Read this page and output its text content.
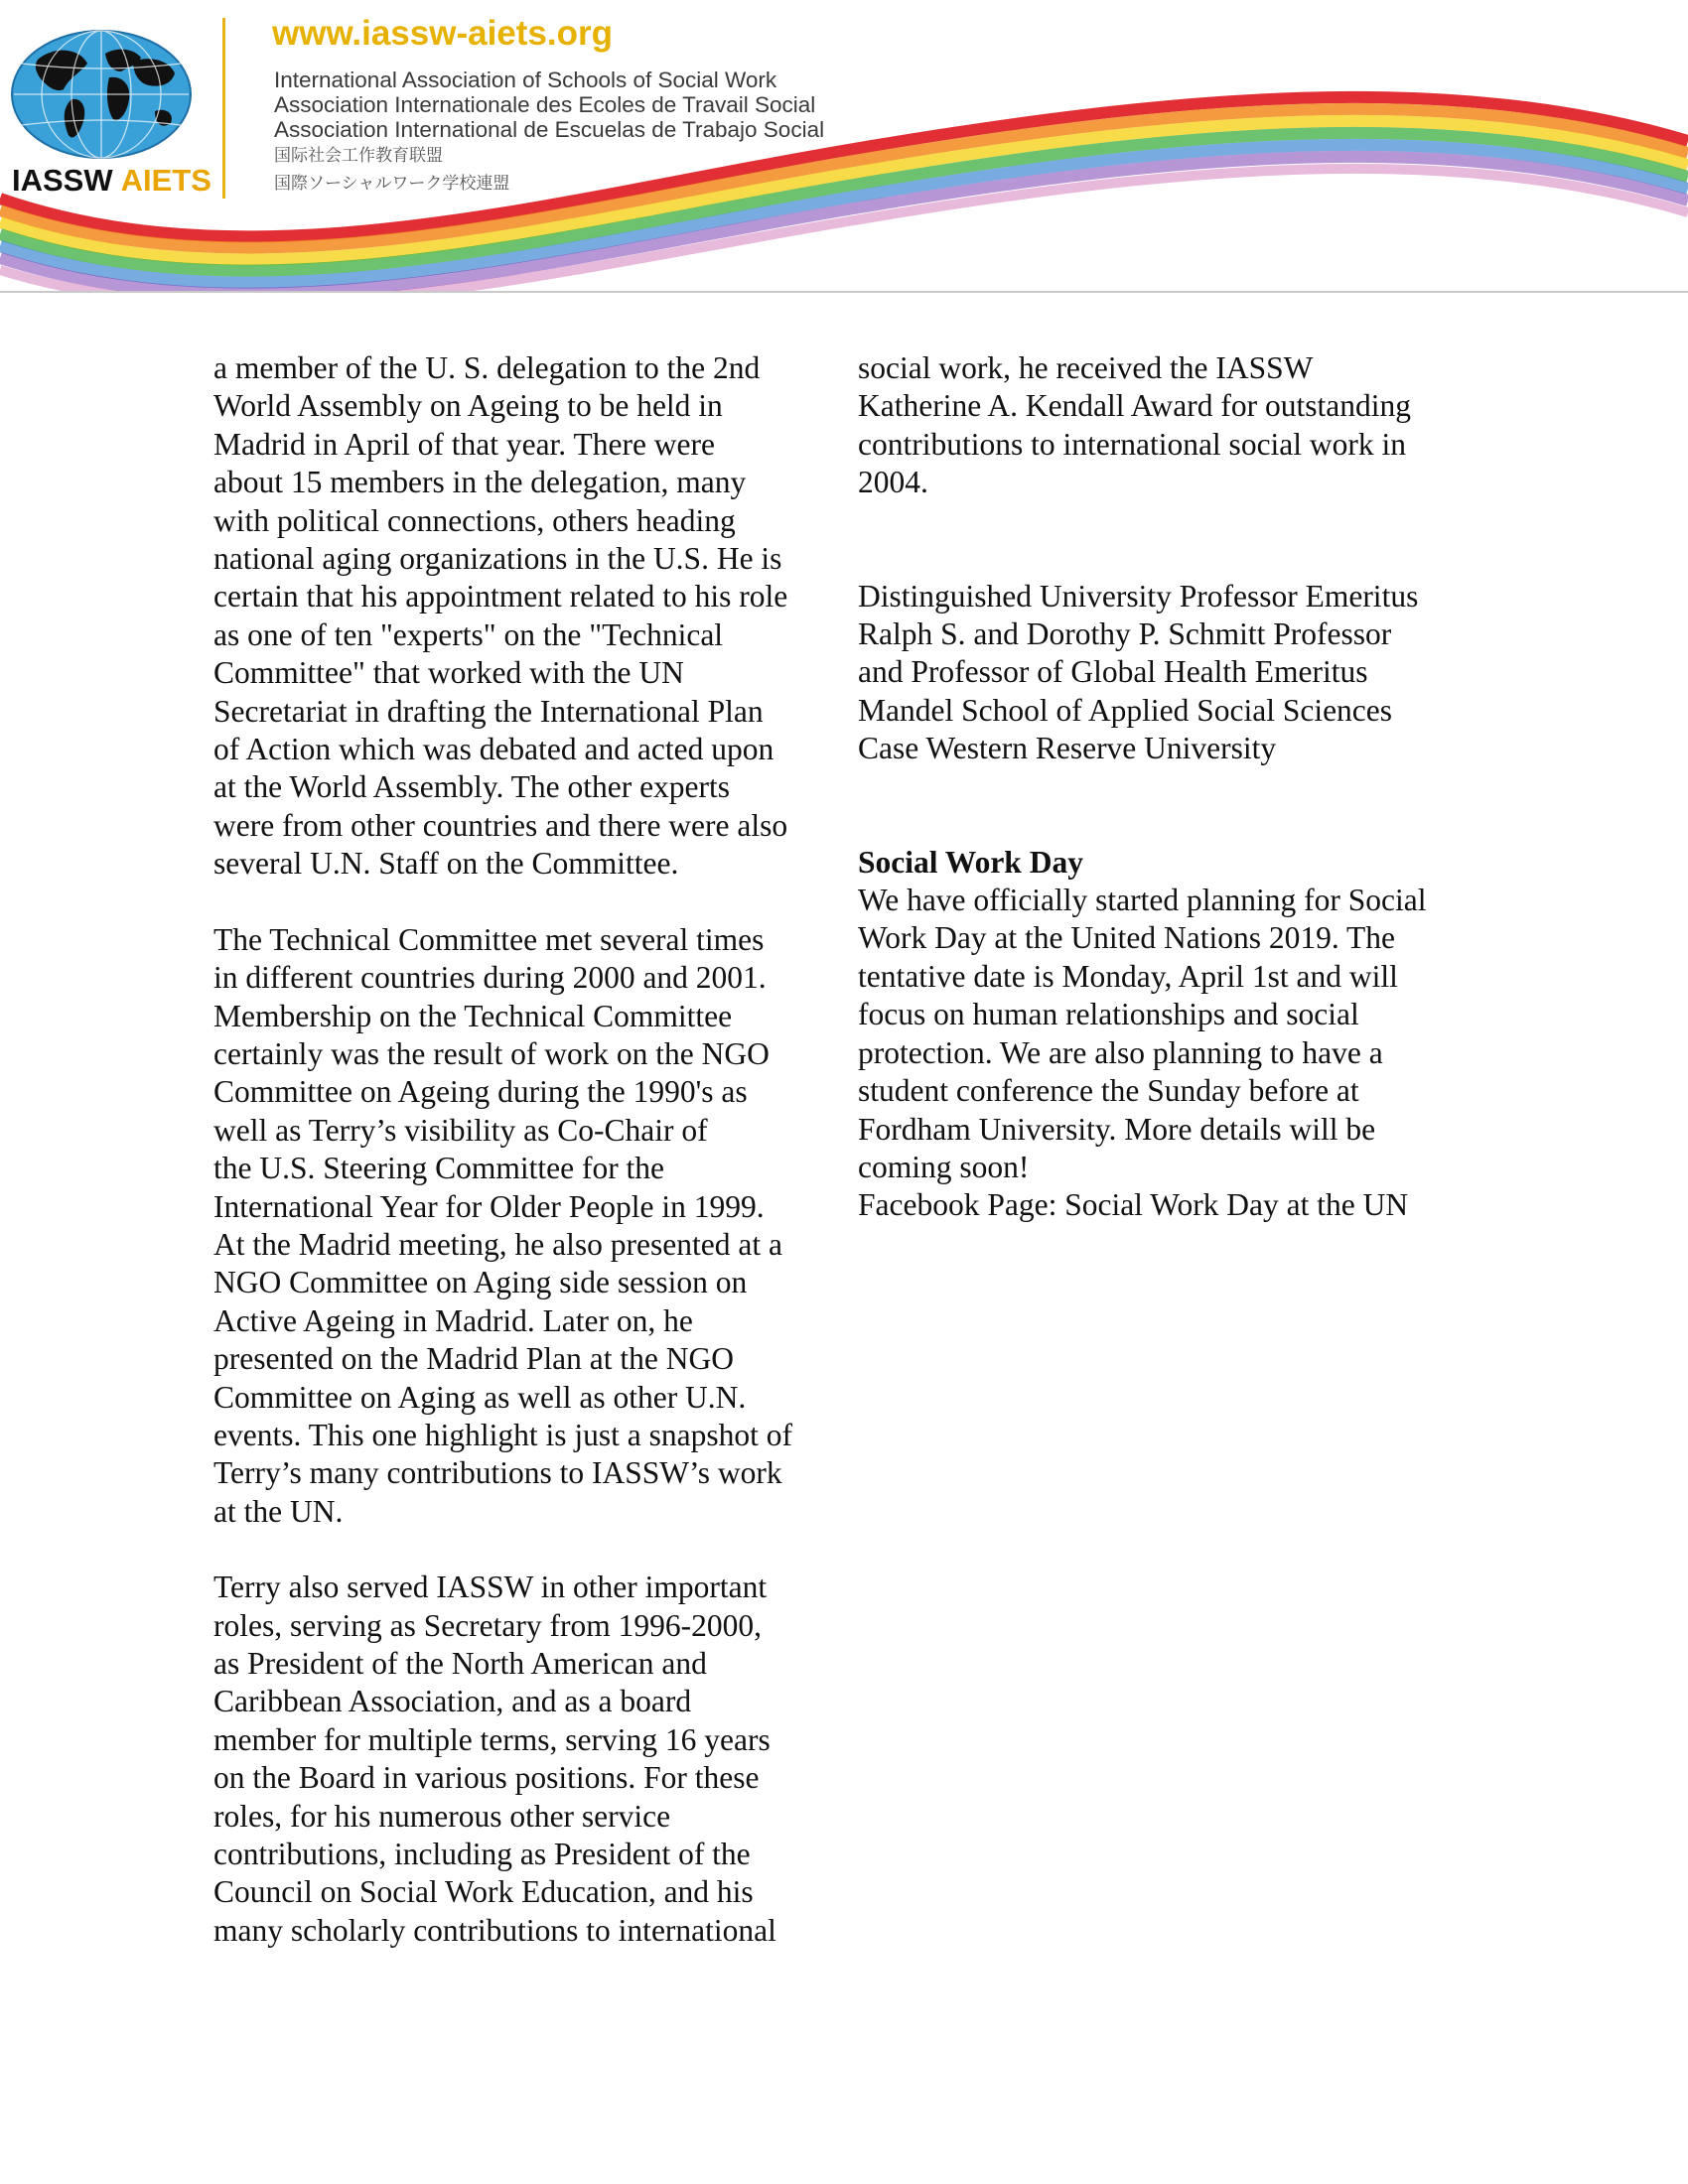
IASSW AIETS
www.iassw-aiets.org
International Association of Schools of Social Work
Association Internationale des Ecoles de Travail Social
Association International de Escuelas de Trabajo Social
国际社会工作教育联盟
国際ソーシャルワーク学校連盟

a member of the U. S. delegation to the 2nd
World Assembly on Ageing to be held in
Madrid in April of that year. There were
about 15 members in the delegation, many
with political connections, others heading
national aging organizations in the U.S. He is
certain that his appointment related to his role
as one of ten "experts" on the "Technical
Committee" that worked with the UN
Secretariat in drafting the International Plan
of Action which was debated and acted upon
at the World Assembly. The other experts
were from other countries and there were also
several U.N. Staff on the Committee.

The Technical Committee met several times
in different countries during 2000 and 2001.
Membership on the Technical Committee
certainly was the result of work on the NGO
Committee on Ageing during the 1990's as
well as Terry’s visibility as Co-Chair of
the U.S. Steering Committee for the
International Year for Older People in 1999.
At the Madrid meeting, he also presented at a
NGO Committee on Aging side session on
Active Ageing in Madrid. Later on, he
presented on the Madrid Plan at the NGO
Committee on Aging as well as other U.N.
events. This one highlight is just a snapshot of
Terry’s many contributions to IASSW’s work
at the UN.

Terry also served IASSW in other important
roles, serving as Secretary from 1996-2000,
as President of the North American and
Caribbean Association, and as a board
member for multiple terms, serving 16 years
on the Board in various positions. For these
roles, for his numerous other service
contributions, including as President of the
Council on Social Work Education, and his
many scholarly contributions to international

social work, he received the IASSW
Katherine A. Kendall Award for outstanding
contributions to international social work in
2004.

Distinguished University Professor Emeritus
Ralph S. and Dorothy P. Schmitt Professor
and Professor of Global Health Emeritus
Mandel School of Applied Social Sciences
Case Western Reserve University

Social Work Day

We have officially started planning for Social
Work Day at the United Nations 2019. The
tentative date is Monday, April 1st and will
focus on human relationships and social
protection. We are also planning to have a
student conference the Sunday before at
Fordham University. More details will be
coming soon!

Facebook Page: Social Work Day at the UN
